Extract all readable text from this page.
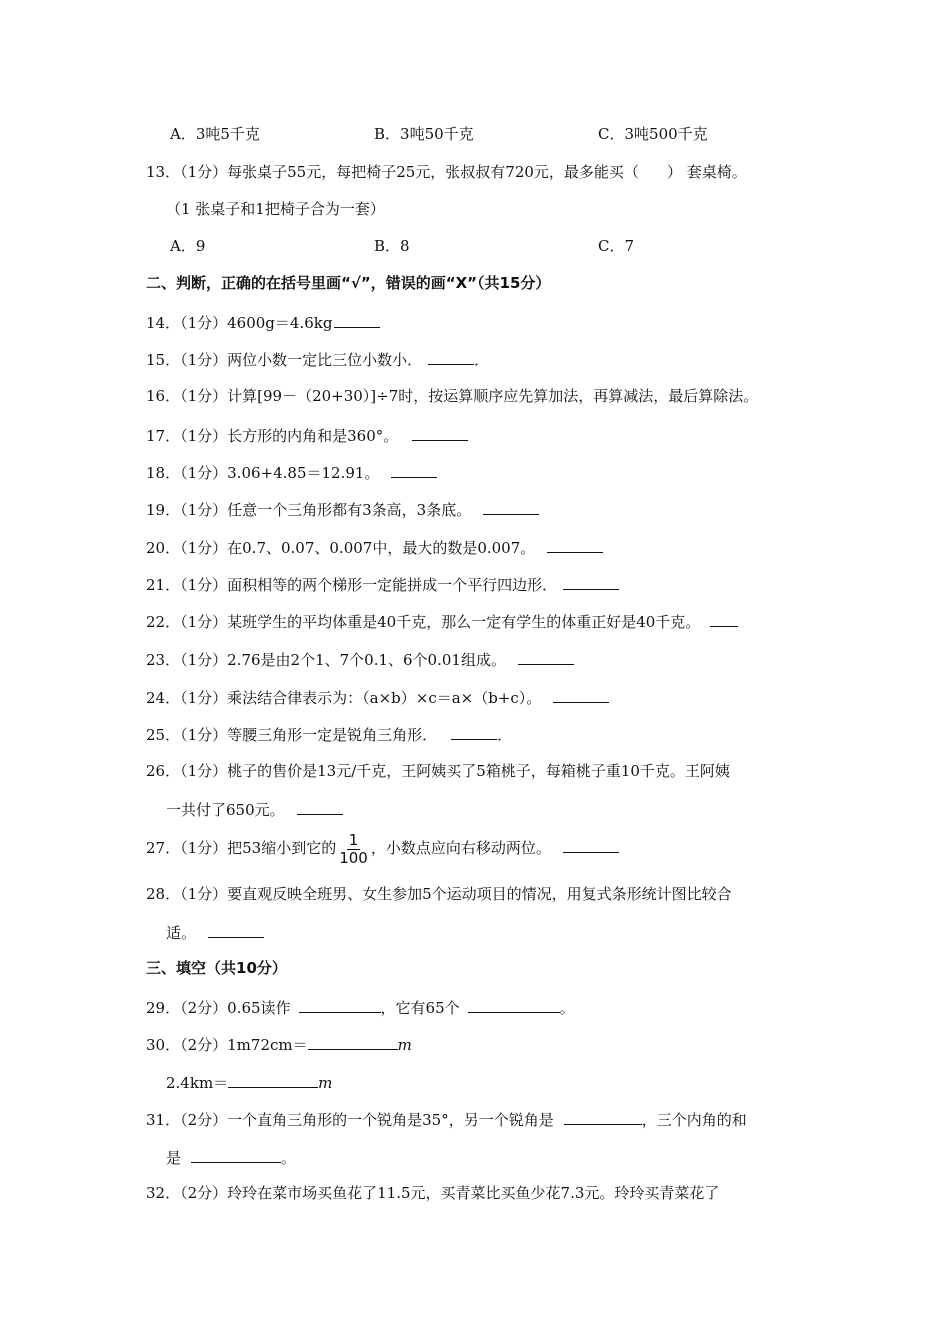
A．3吨5千克	B．3吨50千克	C．3吨500千克
13．（1分）每张桌子55元，每把椅子25元，张叔叔有720元，最多能买（ ） 套桌椅。
（1 张桌子和1把椅子合为一套）
A．9	B．8	C．7
二、判断，正确的在括号里画“√”，错误的画“X”（共15分）
14．（1分）4600g＝4.6kg
15．（1分）两位小数一定比三位小数小．	．
16．（1分）计算[99－（20+30）]÷7时，按运算顺序应先算加法，再算减法，最后算除法。
17．（1分）长方形的内角和是360°。
18．（1分）3.06+4.85＝12.91。
19．（1分）任意一个三角形都有3条高，3条底。
20．（1分）在0.7、0.07、0.007中，最大的数是0.007。
21．（1分）面积相等的两个梯形一定能拼成一个平行四边形．
22．（1分）某班学生的平均体重是40千克，那么一定有学生的体重正好是40千克。
23．（1分）2.76是由2个1、7个0.1、6个0.01组成。
24．（1分）乘法结合律表示为：（a×b）×c＝a×（b+c）。
25．（1分）等腰三角形一定是锐角三角形．	．
26．（1分）桃子的售价是13元/千克，王阿姨买了5箱桃子，每箱桃子重10千克。王阿姨
一共付了650元。
27．（1分）把53缩小到它的 $\frac{1}{100}$ ，小数点应向右移动两位。
28．（1分）要直观反映全班男、女生参加5个运动项目的情况，用复式条形统计图比较合
适。
三、填空（共10分）
29．（2分）0.65读作	，它有65个	。
30．（2分）1m72cm＝	m
2.4km＝	m
31．（2分）一个直角三角形的一个锐角是35°，另一个锐角是	，三个内角的和
是	。
32．（2分）玲玲在菜市场买鱼花了11.5元，买青菜比买鱼少花7.3元。玲玲买青菜花了
